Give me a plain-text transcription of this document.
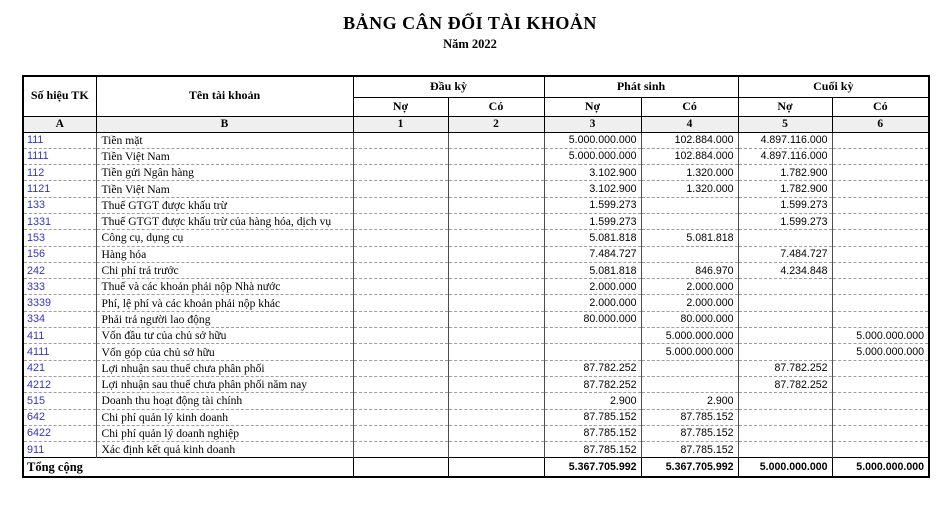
BẢNG CÂN ĐỐI TÀI KHOẢN
Năm 2022
Số hiệu TK	Tên tài khoản	Đầu kỳ		Phát sinh		Cuối kỳ	
		Nợ	Có	Nợ	Có	Nợ	Có
A	B	1	2	3	4	5	6
111	Tiền mặt			5.000.000.000	102.884.000	4.897.116.000	
1111	Tiền Việt Nam			5.000.000.000	102.884.000	4.897.116.000	
112	Tiền gửi Ngân hàng			3.102.900	1.320.000	1.782.900	
1121	Tiền Việt Nam			3.102.900	1.320.000	1.782.900	
133	Thuế GTGT được khấu trừ			1.599.273		1.599.273	
1331	Thuế GTGT được khấu trừ của hàng hóa, dịch vụ			1.599.273		1.599.273	
153	Công cụ, dụng cụ			5.081.818	5.081.818		
156	Hàng hóa			7.484.727		7.484.727	
242	Chi phí trả trước			5.081.818	846.970	4.234.848	
333	Thuế và các khoản phải nộp Nhà nước			2.000.000	2.000.000		
3339	Phí, lệ phí và các khoản phải nộp khác			2.000.000	2.000.000		
334	Phải trả người lao động			80.000.000	80.000.000		
411	Vốn đầu tư của chủ sở hữu				5.000.000.000		5.000.000.000
4111	Vốn góp của chủ sở hữu				5.000.000.000		5.000.000.000
421	Lợi nhuận sau thuế chưa phân phối			87.782.252		87.782.252	
4212	Lợi nhuận sau thuế chưa phân phối năm nay			87.782.252		87.782.252	
515	Doanh thu hoạt động tài chính			2.900	2.900		
642	Chi phí quản lý kinh doanh			87.785.152	87.785.152		
6422	Chi phí quản lý doanh nghiệp			87.785.152	87.785.152		
911	Xác định kết quả kinh doanh			87.785.152	87.785.152		
Tổng cộng				5.367.705.992	5.367.705.992	5.000.000.000	5.000.000.000
